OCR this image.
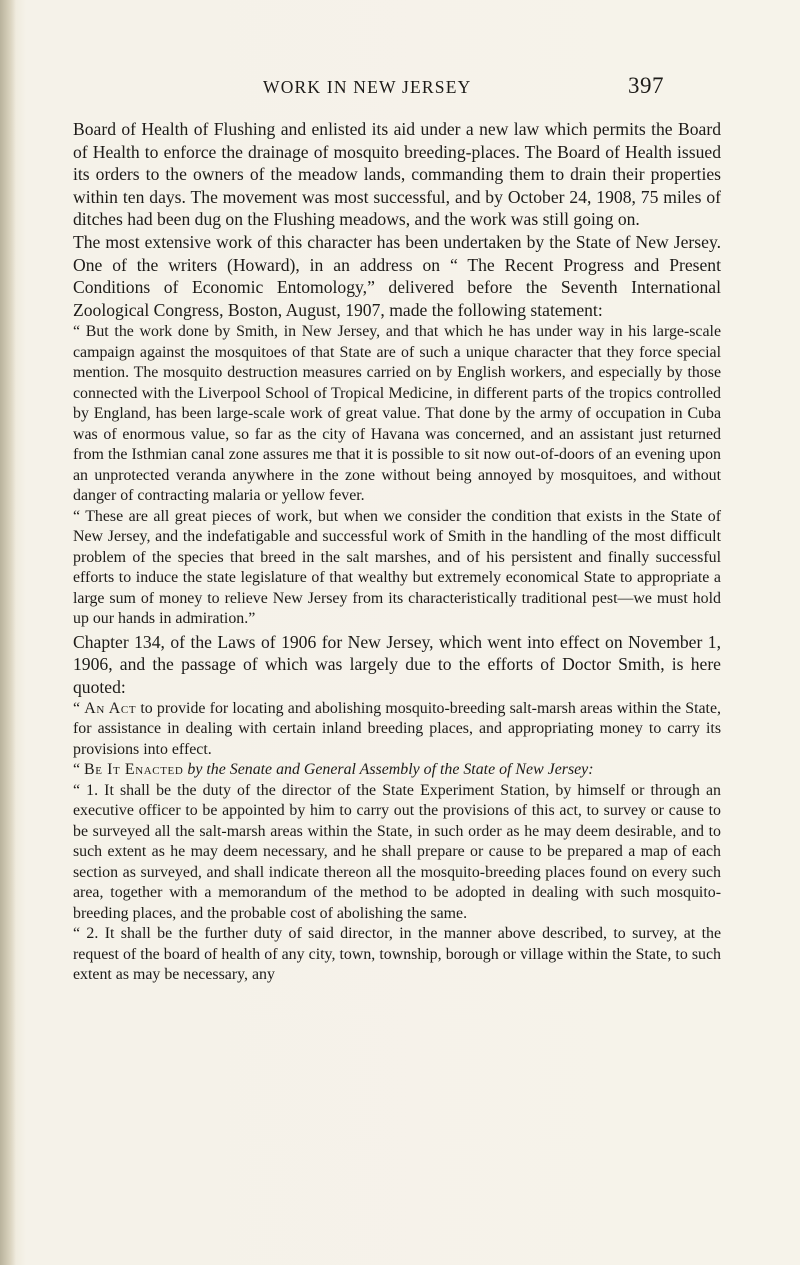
WORK IN NEW JERSEY	397

Board of Health of Flushing and enlisted its aid under a new law which permits the Board of Health to enforce the drainage of mosquito breeding-places. The Board of Health issued its orders to the owners of the meadow lands, commanding them to drain their properties within ten days. The movement was most successful, and by October 24, 1908, 75 miles of ditches had been dug on the Flushing meadows, and the work was still going on.

The most extensive work of this character has been undertaken by the State of New Jersey. One of the writers (Howard), in an address on “ The Recent Progress and Present Conditions of Economic Entomology,” delivered before the Seventh International Zoological Congress, Boston, August, 1907, made the following statement:

“ But the work done by Smith, in New Jersey, and that which he has under way in his large-scale campaign against the mosquitoes of that State are of such a unique character that they force special mention. The mosquito destruction measures carried on by English workers, and especially by those connected with the Liverpool School of Tropical Medicine, in different parts of the tropics controlled by England, has been large-scale work of great value. That done by the army of occupation in Cuba was of enormous value, so far as the city of Havana was concerned, and an assistant just returned from the Isthmian canal zone assures me that it is possible to sit now out-of-doors of an evening upon an unprotected veranda anywhere in the zone without being annoyed by mosquitoes, and without danger of contracting malaria or yellow fever.

“ These are all great pieces of work, but when we consider the condition that exists in the State of New Jersey, and the indefatigable and successful work of Smith in the handling of the most difficult problem of the species that breed in the salt marshes, and of his persistent and finally successful efforts to induce the state legislature of that wealthy but extremely economical State to appropriate a large sum of money to relieve New Jersey from its characteristically traditional pest—we must hold up our hands in admiration.”

Chapter 134, of the Laws of 1906 for New Jersey, which went into effect on November 1, 1906, and the passage of which was largely due to the efforts of Doctor Smith, is here quoted:

“ An Act to provide for locating and abolishing mosquito-breeding salt-marsh areas within the State, for assistance in dealing with certain inland breeding places, and appropriating money to carry its provisions into effect.

“ Be It Enacted by the Senate and General Assembly of the State of New Jersey:

“ 1. It shall be the duty of the director of the State Experiment Station, by himself or through an executive officer to be appointed by him to carry out the provisions of this act, to survey or cause to be surveyed all the salt-marsh areas within the State, in such order as he may deem desirable, and to such extent as he may deem necessary, and he shall prepare or cause to be prepared a map of each section as surveyed, and shall indicate thereon all the mosquito-breeding places found on every such area, together with a memorandum of the method to be adopted in dealing with such mosquito-breeding places, and the probable cost of abolishing the same.

“ 2. It shall be the further duty of said director, in the manner above described, to survey, at the request of the board of health of any city, town, township, borough or village within the State, to such extent as may be necessary, any
